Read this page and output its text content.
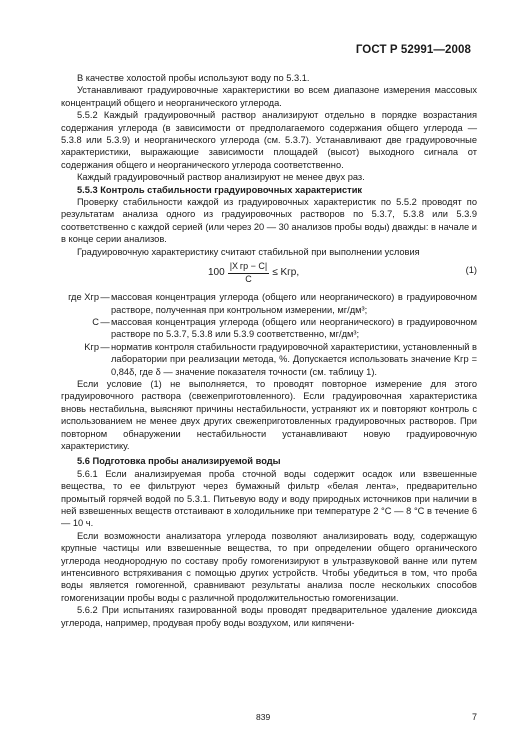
ГОСТ Р 52991—2008

В качестве холостой пробы используют воду по 5.3.1.

Устанавливают градуировочные характеристики во всем диапазоне измерения массовых концентраций общего и неорганического углерода.

5.5.2 Каждый градуировочный раствор анализируют отдельно в порядке возрастания содержания углерода (в зависимости от предполагаемого содержания общего углерода — 5.3.8 или 5.3.9) и неорганического углерода (см. 5.3.7). Устанавливают две градуировочные характеристики, выражающие зависимости площадей (высот) выходного сигнала от содержания общего и неорганического углерода соответственно.

Каждый градуировочный раствор анализируют не менее двух раз.

5.5.3 Контроль стабильности градуировочных характеристик

Проверку стабильности каждой из градуировочных характеристик по 5.5.2 проводят по результатам анализа одного из градуировочных растворов по 5.3.7, 5.3.8 или 5.3.9 соответственно с каждой серией (или через 20 — 30 анализов пробы воды) дважды: в начале и в конце серии анализов.

Градуировочную характеристику считают стабильной при выполнении условия

$100 \frac{\text{|X гр − C|}}{C}$ ≤ Kгр,	(1)
где Xгр — массовая концентрация углерода (общего или неорганического) в градуировочном растворе, полученная при контрольном измерении, мг/дм³;
C — массовая концентрация углерода (общего или неорганического) в градуировочном растворе по 5.3.7, 5.3.8 или 5.3.9 соответственно, мг/дм³;
Kгр — норматив контроля стабильности градуировочной характеристики, установленный в лаборатории при реализации метода, %. Допускается использовать значение Kгр = 0,84δ, где δ — значение показателя точности (см. таблицу 1).

Если условие (1) не выполняется, то проводят повторное измерение для этого градуировочного раствора (свежеприготовленного). Если градуировочная характеристика вновь нестабильна, выясняют причины нестабильности, устраняют их и повторяют контроль с использованием не менее двух других свежеприготовленных градуировочных растворов. При повторном обнаружении нестабильности устанавливают новую градуировочную характеристику.

5.6 Подготовка пробы анализируемой воды

5.6.1 Если анализируемая проба сточной воды содержит осадок или взвешенные вещества, то ее фильтруют через бумажный фильтр «белая лента», предварительно промытый горячей водой по 5.3.1. Питьевую воду и воду природных источников при наличии в ней взвешенных веществ отстаивают в холодильнике при температуре 2 °С — 8 °С в течение 6 — 10 ч.

Если возможности анализатора углерода позволяют анализировать воду, содержащую крупные частицы или взвешенные вещества, то при определении общего органического углерода неоднородную по составу пробу гомогенизируют в ультразвуковой ванне или путем интенсивного встряхивания с помощью других устройств. Чтобы убедиться в том, что проба воды является гомогенной, сравнивают результаты анализа после нескольких способов гомогенизации пробы воды с различной продолжительностью гомогенизации.

5.6.2 При испытаниях газированной воды проводят предварительное удаление диоксида углерода, например, продувая пробу воды воздухом, или кипячени-

839	7
